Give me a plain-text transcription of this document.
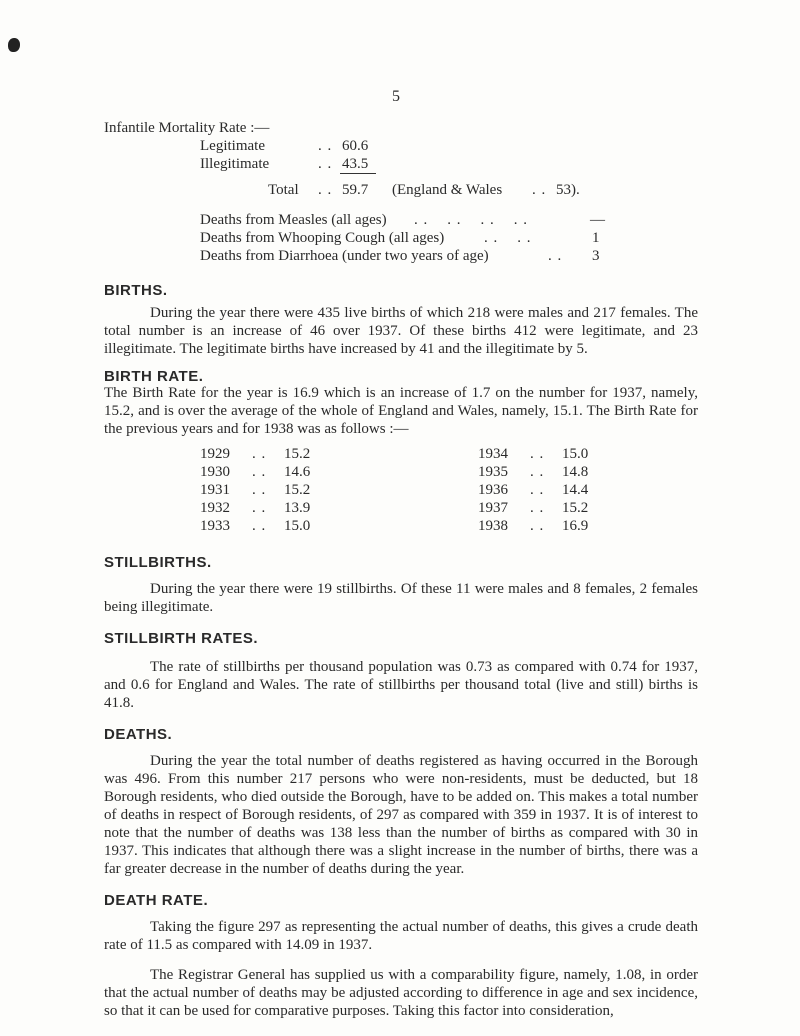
5
Infantile Mortality Rate :—
Legitimate	. . 60.6
Illegitimate	. . 43.5
Total . . 59.7 (England & Wales . . 53).
Deaths from Measles (all ages) . .    . .    . .    . .	—
Deaths from Whooping Cough (all ages)	. .    . .	1
Deaths from Diarrhoea (under two years of age)	. . 3
BIRTHS.

During the year there were 435 live births of which 218 were males and 217 females. The total number is an increase of 46 over 1937. Of these births 412 were legitimate, and 23 illegitimate. The legitimate births have increased by 41 and the illegitimate by 5.

BIRTH RATE.

The Birth Rate for the year is 16.9 which is an increase of 1.7 on the number for 1937, namely, 15.2, and is over the average of the whole of England and Wales, namely, 15.1. The Birth Rate for the previous years and for 1938 was as follows :—

1929 . . 15.2	1934 . . 15.0
1930 . . 14.6	1935 . . 14.8
1931 . . 15.2	1936 . . 14.4
1932 . . 13.9	1937 . . 15.2
1933 . . 15.0	1938 . . 16.9
STILLBIRTHS.

During the year there were 19 stillbirths. Of these 11 were males and 8 females, 2 females being illegitimate.

STILLBIRTH RATES.

The rate of stillbirths per thousand population was 0.73 as compared with 0.74 for 1937, and 0.6 for England and Wales. The rate of stillbirths per thousand total (live and still) births is 41.8.

DEATHS.

During the year the total number of deaths registered as having occurred in the Borough was 496. From this number 217 persons who were non-residents, must be deducted, but 18 Borough residents, who died outside the Borough, have to be added on. This makes a total number of deaths in respect of Borough residents, of 297 as compared with 359 in 1937. It is of interest to note that the number of deaths was 138 less than the number of births as compared with 30 in 1937. This indicates that although there was a slight increase in the number of births, there was a far greater decrease in the number of deaths during the year.

DEATH RATE.

Taking the figure 297 as representing the actual number of deaths, this gives a crude death rate of 11.5 as compared with 14.09 in 1937.

The Registrar General has supplied us with a comparability figure, namely, 1.08, in order that the actual number of deaths may be adjusted according to difference in age and sex incidence, so that it can be used for comparative purposes. Taking this factor into consideration,
